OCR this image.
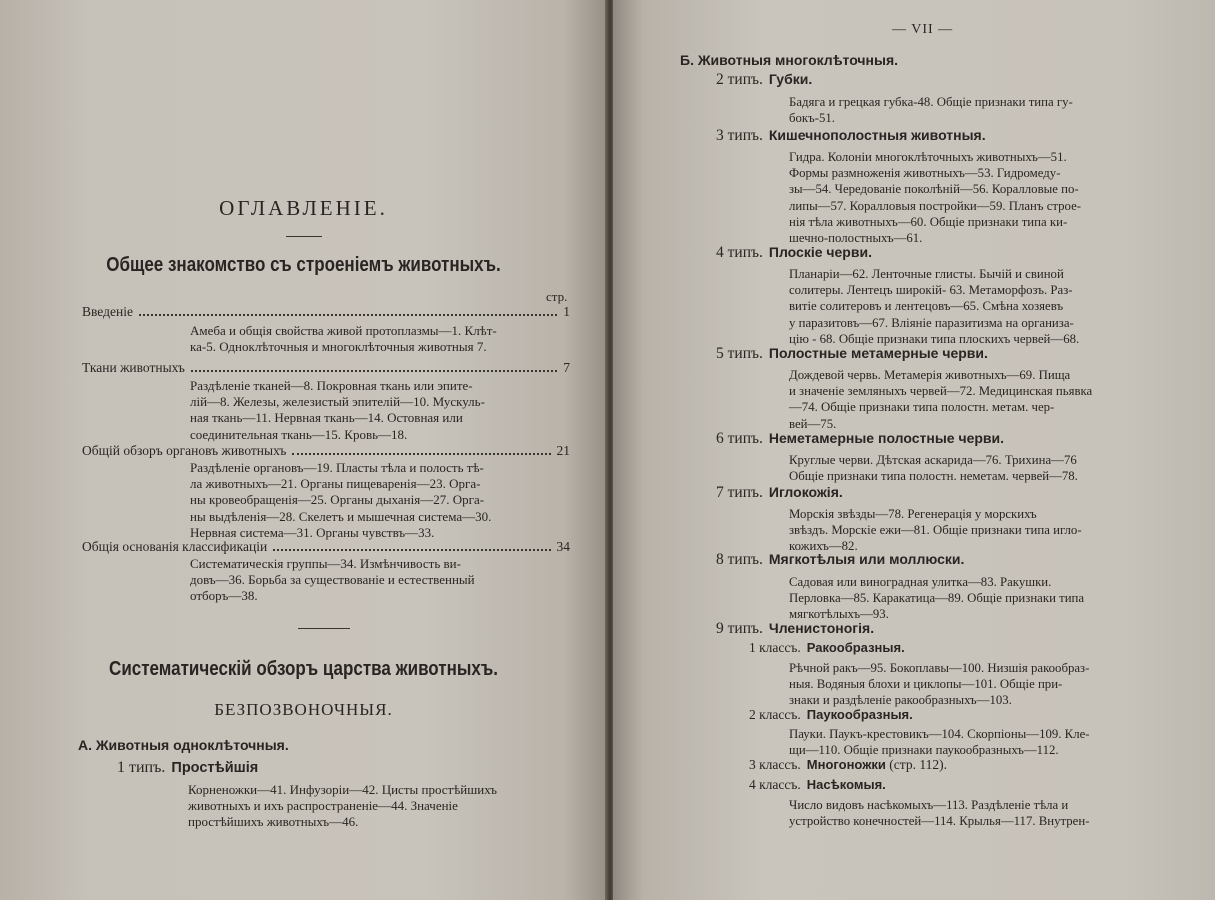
ОГЛАВЛЕНІЕ.
Общее знакомство съ строеніемъ животныхъ.
стр.
Введеніе	1
Амеба и общія свойства живой протоплазмы—1. Клѣт-
ка-5. Одноклѣточныя и многоклѣточныя животныя 7.
Ткани животныхъ	7
Раздѣленіе тканей—8. Покровная ткань или эпите-
лій—8. Железы, железистый эпителій—10. Мускуль-
ная ткань—11. Нервная ткань—14. Остовная или
соединительная ткань—15. Кровь—18.
Общій обзоръ органовъ животныхъ	21
Раздѣленіе органовъ—19. Пласты тѣла и полость тѣ-
ла животныхъ—21. Органы пищеваренія—23. Орга-
ны кровеобращенія—25. Органы дыханія—27. Орга-
ны выдѣленія—28. Скелетъ и мышечная система—30.
Нервная система—31. Органы чувствъ—33.
Общія основанія классификаціи	34
Систематическія группы—34. Измѣнчивость ви-
довъ—36. Борьба за существованіе и естественный
отборъ—38.
Систематическій обзоръ царства животныхъ.
БЕЗПОЗВОНОЧНЫЯ.
А. Животныя одноклѣточныя.
1 типъ. Простѣйшія
Корненожки—41. Инфузоріи—42. Цисты простѣйшихъ
животныхъ и ихъ распространеніе—44. Значеніе
простѣйшихъ животныхъ—46.
— VII —
Б. Животныя многоклѣточныя.
2 типъ. Губки.
Бадяга и грецкая губка-48. Общіе признаки типа гу-
бокъ-51.
3 типъ. Кишечнополостныя животныя.
Гидра. Колоніи многоклѣточныхъ животныхъ—51.
Формы размноженія животныхъ—53. Гидромеду-
зы—54. Чередованіе поколѣній—56. Коралловые по-
липы—57. Коралловыя постройки—59. Планъ строе-
нія тѣла животныхъ—60. Общіе признаки типа ки-
шечно-полостныхъ—61.
4 типъ. Плоскіе черви.
Планаріи—62. Ленточные глисты. Бычій и свиной
солитеры. Лентецъ широкій- 63. Метаморфозъ. Раз-
витіе солитеровъ и лентецовъ—65. Смѣна хозяевъ
у паразитовъ—67. Вліяніе паразитизма на организа-
цію - 68. Общіе признаки типа плоскихъ червей—68.
5 типъ. Полостные метамерные черви.
Дождевой червь. Метамерія животныхъ—69. Пища
и значеніе земляныхъ червей—72. Медицинская пьявка
—74. Общіе признаки типа полостн. метам. чер-
вей—75.
6 типъ. Неметамерные полостные черви.
Круглые черви. Дѣтская аскарида—76. Трихина—76
Общіе признаки типа полостн. неметам. червей—78.
7 типъ. Иглокожія.
Морскія звѣзды—78. Регенерація у морскихъ
звѣздъ. Морскіе ежи—81. Общіе признаки типа игло-
кожихъ—82.
8 типъ. Мягкотѣлыя или моллюски.
Садовая или виноградная улитка—83. Ракушки.
Перловка—85. Каракатица—89. Общіе признаки типа
мягкотѣлыхъ—93.
9 типъ. Членистоногія.
1 классъ. Ракообразныя.
Рѣчной ракъ—95. Бокоплавы—100. Низшія ракообраз-
ныя. Водяныя блохи и циклопы—101. Общіе при-
знаки и раздѣленіе ракообразныхъ—103.
2 классъ. Паукообразныя.
Пауки. Паукъ-крестовикъ—104. Скорпіоны—109. Кле-
щи—110. Общіе признаки паукообразныхъ—112.
3 классъ. Многоножки (стр. 112).
4 классъ. Насѣкомыя.
Число видовъ насѣкомыхъ—113. Раздѣленіе тѣла и
устройство конечностей—114. Крылья—117. Внутрен-
